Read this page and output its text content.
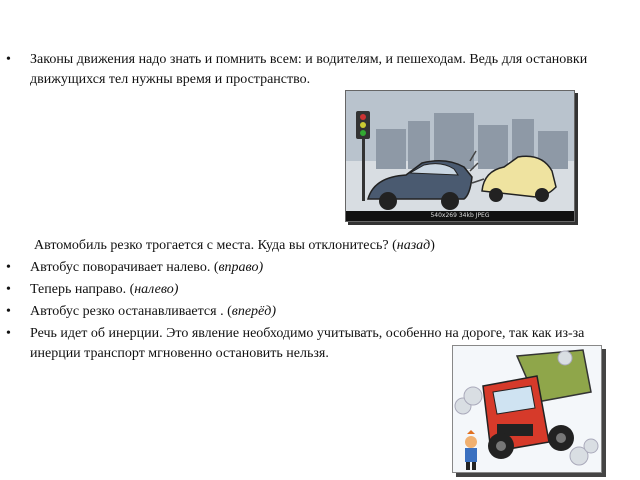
• Законы движения надо знать и помнить всем: и водителям, и пешеходам. Ведь для остановки движущихся тел нужны время и пространство.
540x269 34kb JPEG
Автомобиль резко трогается с места. Куда вы отклонитесь? (назад)
• Автобус поворачивает налево. (вправо)
• Теперь направо. (налево)
• Автобус резко останавливается . (вперёд)
• Речь идет об инерции. Это явление необходимо учитывать, особенно на дороге, так как из-за инерции транспорт мгновенно остановить нельзя.
